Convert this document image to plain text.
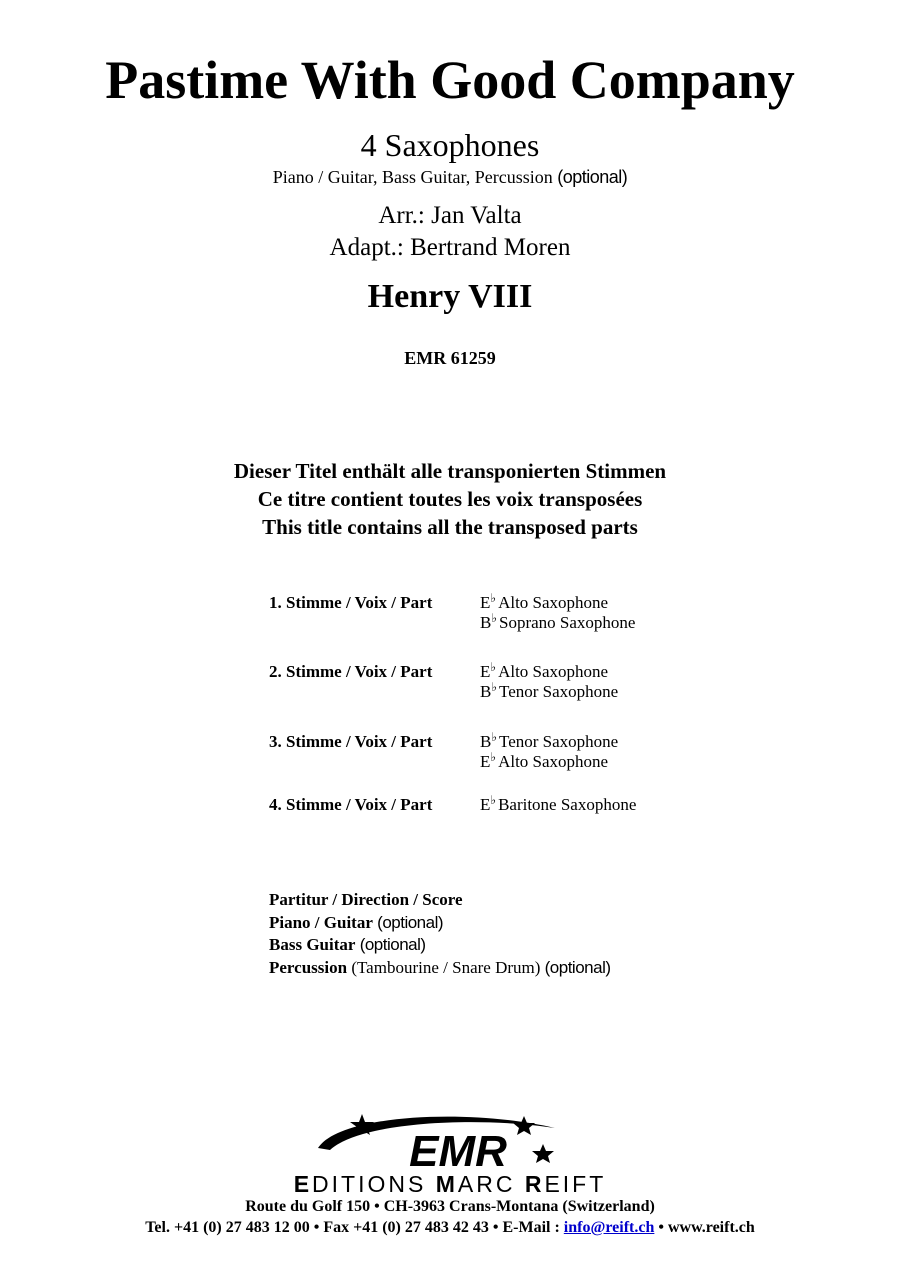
Pastime With Good Company
4 Saxophones
Piano / Guitar, Bass Guitar, Percussion (optional)
Arr.: Jan Valta
Adapt.: Bertrand Moren
Henry VIII
EMR 61259
Dieser Titel enthält alle transponierten Stimmen
Ce titre contient toutes les voix transposées
This title contains all the transposed parts
1. Stimme / Voix / Part	E♭ Alto Saxophone
B♭ Soprano Saxophone
2. Stimme / Voix / Part	E♭ Alto Saxophone
B♭ Tenor Saxophone
3. Stimme / Voix / Part	B♭ Tenor Saxophone
E♭ Alto Saxophone
4. Stimme / Voix / Part	E♭ Baritone Saxophone
Partitur / Direction / Score
Piano / Guitar (optional)
Bass Guitar (optional)
Percussion (Tambourine / Snare Drum) (optional)
EMR
EDITIONS MARC REIFT
Route du Golf 150 • CH-3963 Crans-Montana (Switzerland)
Tel. +41 (0) 27 483 12 00 • Fax +41 (0) 27 483 42 43 • E-Mail : info@reift.ch • www.reift.ch
